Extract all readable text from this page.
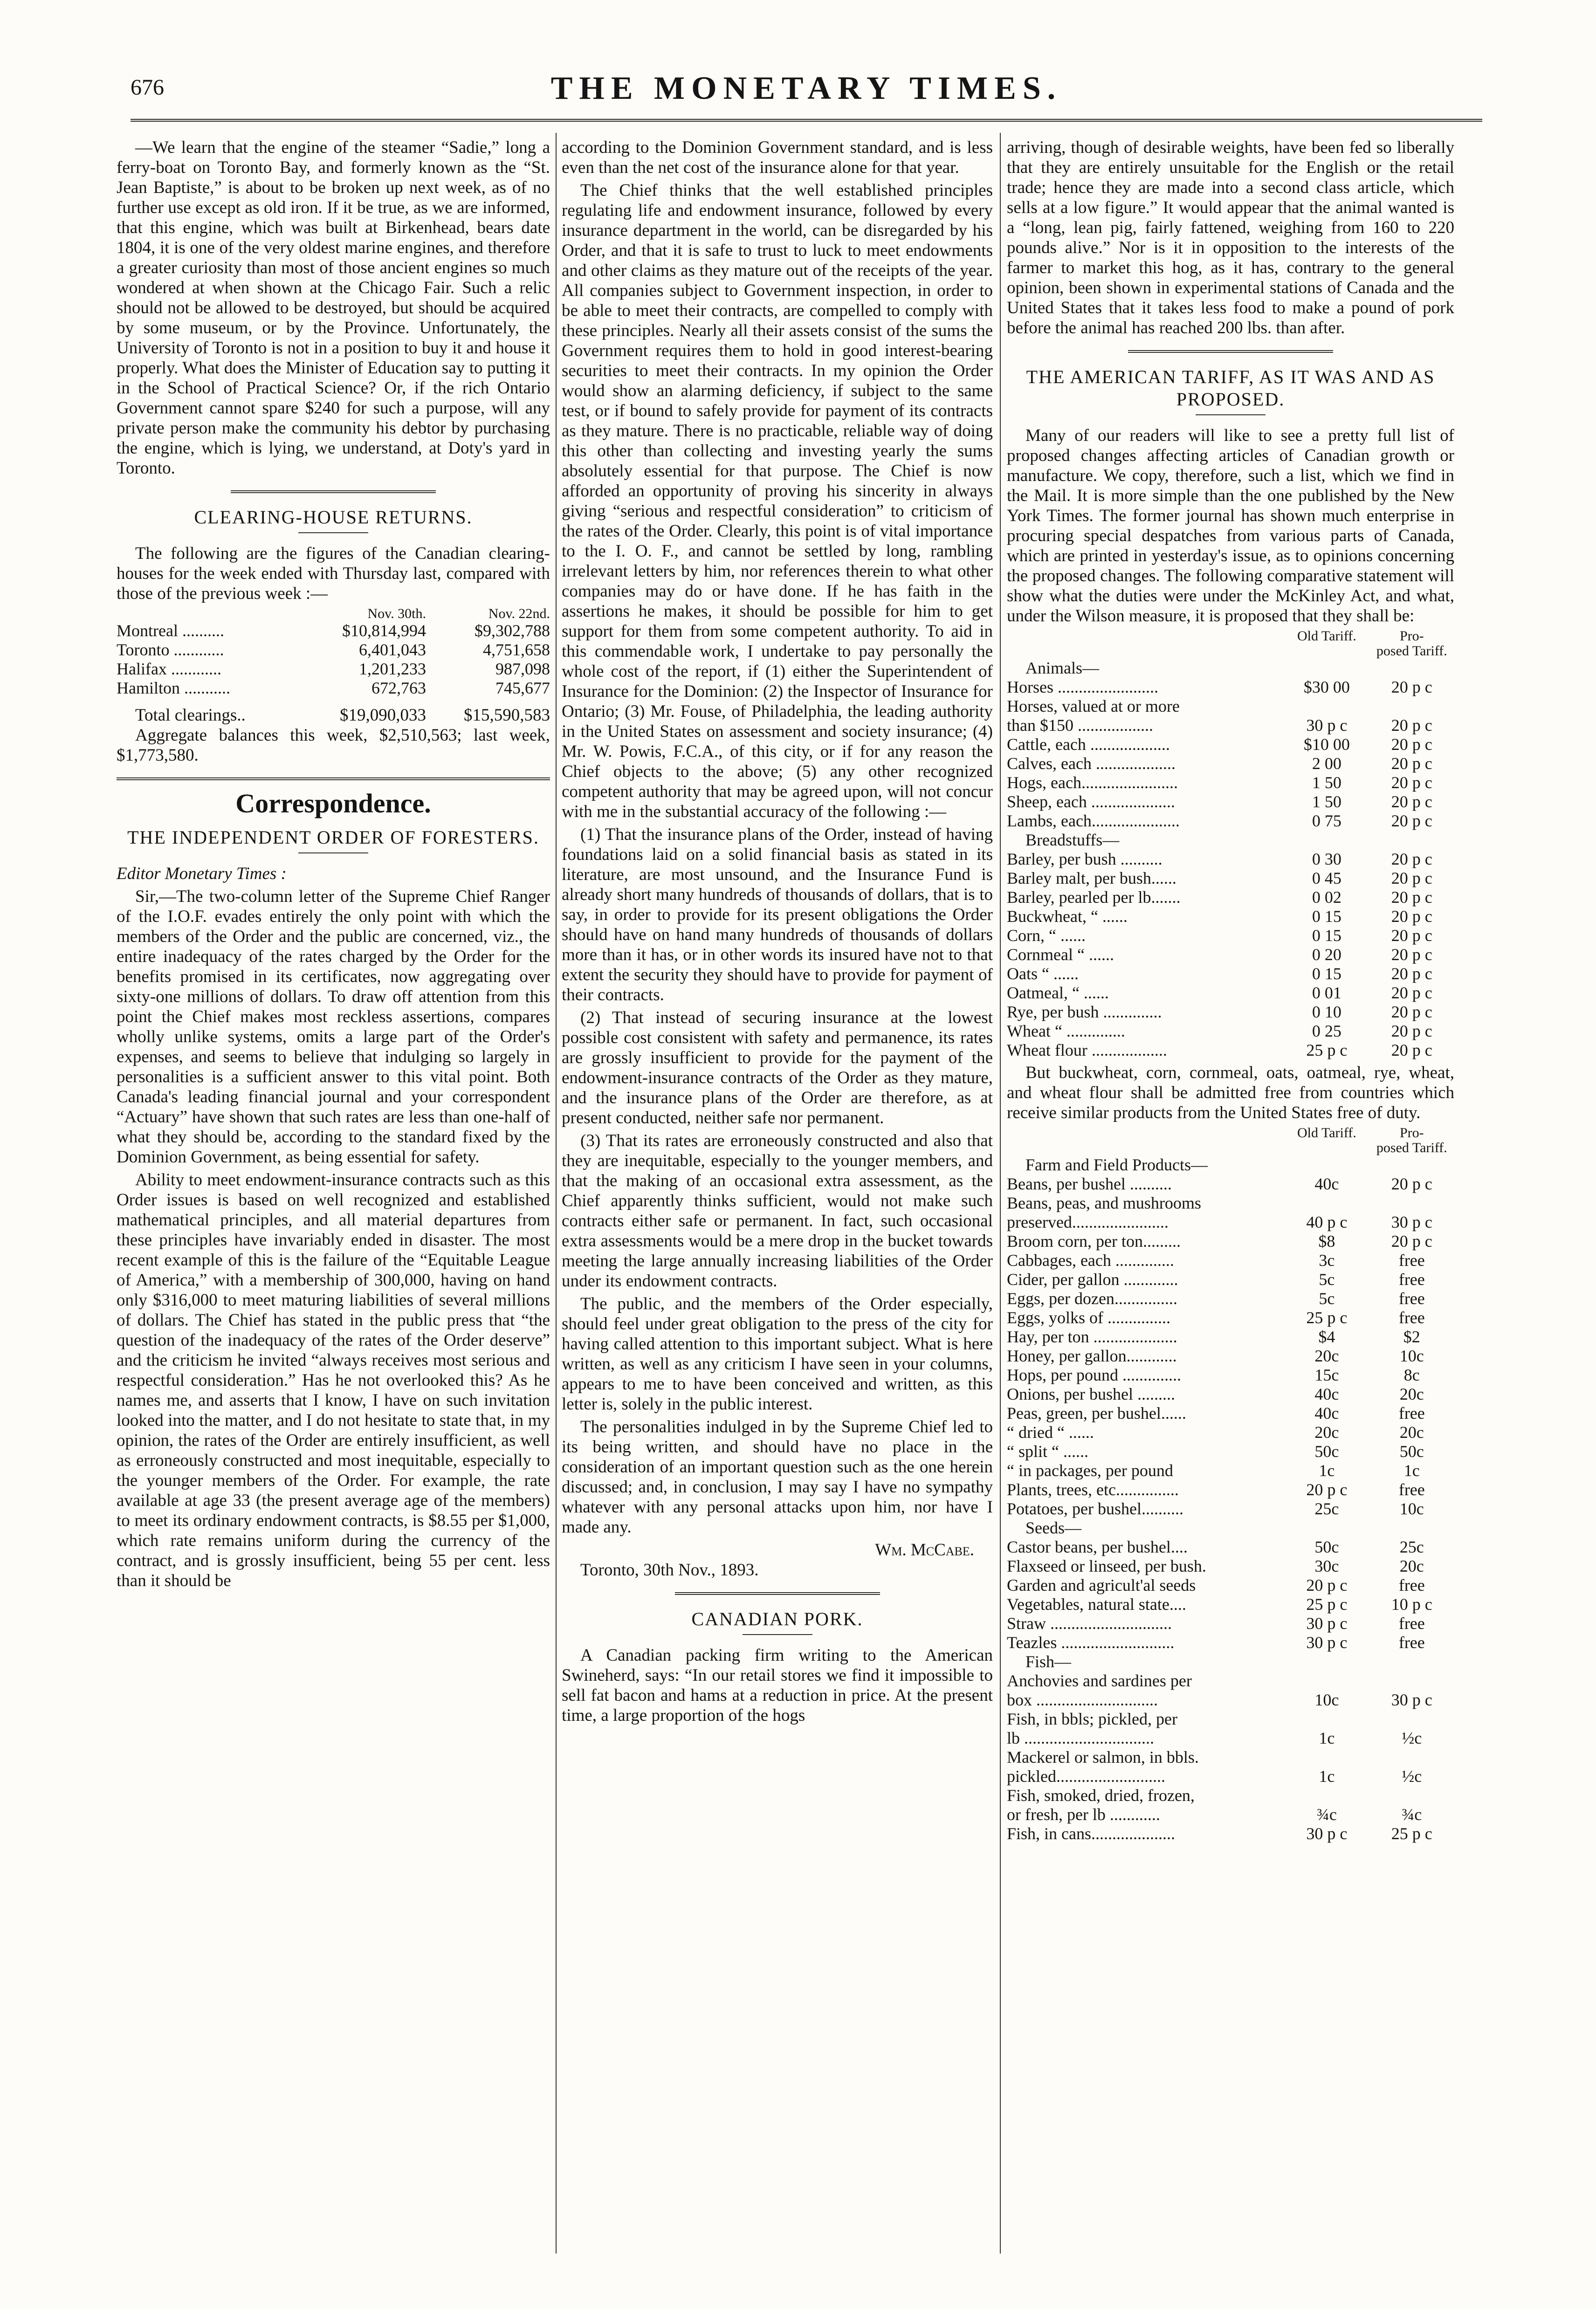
676	THE MONETARY TIMES.

—We learn that the engine of the steamer “Sadie,” long a ferry-boat on Toronto Bay, and formerly known as the “St. Jean Baptiste,” is about to be broken up next week, as of no further use except as old iron. If it be true, as we are informed, that this engine, which was built at Birkenhead, bears date 1804, it is one of the very oldest marine engines, and therefore a greater curiosity than most of those ancient engines so much wondered at when shown at the Chicago Fair. Such a relic should not be allowed to be destroyed, but should be acquired by some museum, or by the Province. Unfortunately, the University of Toronto is not in a position to buy it and house it properly. What does the Minister of Education say to putting it in the School of Practical Science? Or, if the rich Ontario Government cannot spare $240 for such a purpose, will any private person make the community his debtor by purchasing the engine, which is lying, we understand, at Doty's yard in Toronto.

CLEARING-HOUSE RETURNS.

The following are the figures of the Canadian clearing-houses for the week ended with Thursday last, compared with those of the previous week :—

	Nov. 30th.	Nov. 22nd.
Montreal ..........	$10,814,994	$9,302,788
Toronto ............	6,401,043	4,751,658
Halifax ............	1,201,233	987,098
Hamilton ...........	672,763	745,677
Total clearings..	$19,090,033	$15,590,583

Aggregate balances this week, $2,510,563; last week, $1,773,580.

Correspondence.
THE INDEPENDENT ORDER OF FORESTERS.

Editor Monetary Times :

Sir,—The two-column letter of the Supreme Chief Ranger of the I.O.F. evades entirely the only point with which the members of the Order and the public are concerned, viz., the entire inadequacy of the rates charged by the Order for the benefits promised in its certificates, now aggregating over sixty-one millions of dollars. To draw off attention from this point the Chief makes most reckless assertions, compares wholly unlike systems, omits a large part of the Order's expenses, and seems to believe that indulging so largely in personalities is a sufficient answer to this vital point. Both Canada's leading financial journal and your correspondent “Actuary” have shown that such rates are less than one-half of what they should be, according to the standard fixed by the Dominion Government, as being essential for safety.

Ability to meet endowment-insurance contracts such as this Order issues is based on well recognized and established mathematical principles, and all material departures from these principles have invariably ended in disaster. The most recent example of this is the failure of the “Equitable League of America,” with a membership of 300,000, having on hand only $316,000 to meet maturing liabilities of several millions of dollars. The Chief has stated in the public press that “the question of the inadequacy of the rates of the Order deserve” and the criticism he invited “always receives most serious and respectful consideration.” Has he not overlooked this? As he names me, and asserts that I know, I have on such invitation looked into the matter, and I do not hesitate to state that, in my opinion, the rates of the Order are entirely insufficient, as well as erroneously constructed and most inequitable, especially to the younger members of the Order. For example, the rate available at age 33 (the present average age of the members) to meet its ordinary endowment contracts, is $8.55 per $1,000, which rate remains uniform during the currency of the contract, and is grossly insufficient, being 55 per cent. less than it should be

according to the Dominion Government standard, and is less even than the net cost of the insurance alone for that year.

The Chief thinks that the well established principles regulating life and endowment insurance, followed by every insurance department in the world, can be disregarded by his Order, and that it is safe to trust to luck to meet endowments and other claims as they mature out of the receipts of the year. All companies subject to Government inspection, in order to be able to meet their contracts, are compelled to comply with these principles. Nearly all their assets consist of the sums the Government requires them to hold in good interest-bearing securities to meet their contracts. In my opinion the Order would show an alarming deficiency, if subject to the same test, or if bound to safely provide for payment of its contracts as they mature. There is no practicable, reliable way of doing this other than collecting and investing yearly the sums absolutely essential for that purpose. The Chief is now afforded an opportunity of proving his sincerity in always giving “serious and respectful consideration” to criticism of the rates of the Order. Clearly, this point is of vital importance to the I. O. F., and cannot be settled by long, rambling irrelevant letters by him, nor references therein to what other companies may do or have done. If he has faith in the assertions he makes, it should be possible for him to get support for them from some competent authority. To aid in this commendable work, I undertake to pay personally the whole cost of the report, if (1) either the Superintendent of Insurance for the Dominion: (2) the Inspector of Insurance for Ontario; (3) Mr. Fouse, of Philadelphia, the leading authority in the United States on assessment and society insurance; (4) Mr. W. Powis, F.C.A., of this city, or if for any reason the Chief objects to the above; (5) any other recognized competent authority that may be agreed upon, will not concur with me in the substantial accuracy of the following :—

(1) That the insurance plans of the Order, instead of having foundations laid on a solid financial basis as stated in its literature, are most unsound, and the Insurance Fund is already short many hundreds of thousands of dollars, that is to say, in order to provide for its present obligations the Order should have on hand many hundreds of thousands of dollars more than it has, or in other words its insured have not to that extent the security they should have to provide for payment of their contracts.

(2) That instead of securing insurance at the lowest possible cost consistent with safety and permanence, its rates are grossly insufficient to provide for the payment of the endowment-insurance contracts of the Order as they mature, and the insurance plans of the Order are therefore, as at present conducted, neither safe nor permanent.

(3) That its rates are erroneously constructed and also that they are inequitable, especially to the younger members, and that the making of an occasional extra assessment, as the Chief apparently thinks sufficient, would not make such contracts either safe or permanent. In fact, such occasional extra assessments would be a mere drop in the bucket towards meeting the large annually increasing liabilities of the Order under its endowment contracts.

The public, and the members of the Order especially, should feel under great obligation to the press of the city for having called attention to this important subject. What is here written, as well as any criticism I have seen in your columns, appears to me to have been conceived and written, as this letter is, solely in the public interest.

The personalities indulged in by the Supreme Chief led to its being written, and should have no place in the consideration of an important question such as the one herein discussed; and, in conclusion, I may say I have no sympathy whatever with any personal attacks upon him, nor have I made any.

Wm. McCabe.

Toronto, 30th Nov., 1893.

CANADIAN PORK.

A Canadian packing firm writing to the American Swineherd, says: “In our retail stores we find it impossible to sell fat bacon and hams at a reduction in price. At the present time, a large proportion of the hogs

arriving, though of desirable weights, have been fed so liberally that they are entirely unsuitable for the English or the retail trade; hence they are made into a second class article, which sells at a low figure.” It would appear that the animal wanted is a “long, lean pig, fairly fattened, weighing from 160 to 220 pounds alive.” Nor is it in opposition to the interests of the farmer to market this hog, as it has, contrary to the general opinion, been shown in experimental stations of Canada and the United States that it takes less food to make a pound of pork before the animal has reached 200 lbs. than after.

THE AMERICAN TARIFF, AS IT WAS AND AS PROPOSED.

Many of our readers will like to see a pretty full list of proposed changes affecting articles of Canadian growth or manufacture. We copy, therefore, such a list, which we find in the Mail. It is more simple than the one published by the New York Times. The former journal has shown much enterprise in procuring special despatches from various parts of Canada, which are printed in yesterday's issue, as to opinions concerning the proposed changes. The following comparative statement will show what the duties were under the McKinley Act, and what, under the Wilson measure, it is proposed that they shall be:

	Old Tariff.	Pro-
posed Tariff.
Animals—		
Horses ........................	$30 00	20 p c
Horses, valued at or more		
than $150 ..................	30 p c	20 p c
Cattle, each ...................	$10 00	20 p c
Calves, each ...................	2 00	20 p c
Hogs, each.......................	1 50	20 p c
Sheep, each ....................	1 50	20 p c
Lambs, each.....................	0 75	20 p c
Breadstuffs—		
Barley, per bush ..........	0 30	20 p c
Barley malt, per bush......	0 45	20 p c
Barley, pearled per lb.......	0 02	20 p c
Buckwheat, “ ......	0 15	20 p c
Corn, “ ......	0 15	20 p c
Cornmeal “ ......	0 20	20 p c
Oats “ ......	0 15	20 p c
Oatmeal, “ ......	0 01	20 p c
Rye, per bush ..............	0 10	20 p c
Wheat “ ..............	0 25	20 p c
Wheat flour ..................	25 p c	20 p c

But buckwheat, corn, cornmeal, oats, oatmeal, rye, wheat, and wheat flour shall be admitted free from countries which receive similar products from the United States free of duty.

	Old Tariff.	Pro-
posed Tariff.
Farm and Field Products—		
Beans, per bushel ..........	40c	20 p c
Beans, peas, and mushrooms		
preserved.......................	40 p c	30 p c
Broom corn, per ton.........	$8	20 p c
Cabbages, each ..............	3c	free
Cider, per gallon .............	5c	free
Eggs, per dozen...............	5c	free
Eggs, yolks of ...............	25 p c	free
Hay, per ton ....................	$4	$2
Honey, per gallon............	20c	10c
Hops, per pound ..............	15c	8c
Onions, per bushel .........	40c	20c
Peas, green, per bushel......	40c	free
“ dried “ ......	20c	20c
“ split “ ......	50c	50c
“ in packages, per pound	1c	1c
Plants, trees, etc...............	20 p c	free
Potatoes, per bushel..........	25c	10c
Seeds—		
Castor beans, per bushel....	50c	25c
Flaxseed or linseed, per bush.	30c	20c
Garden and agricult'al seeds	20 p c	free
Vegetables, natural state....	25 p c	10 p c
Straw .............................	30 p c	free
Teazles ...........................	30 p c	free
Fish—		
Anchovies and sardines per		
box .............................	10c	30 p c
Fish, in bbls; pickled, per		
lb ...............................	1c	½c
Mackerel or salmon, in bbls.		
pickled..........................	1c	½c
Fish, smoked, dried, frozen,		
or fresh, per lb ............	¾c	¾c
Fish, in cans....................	30 p c	25 p c
